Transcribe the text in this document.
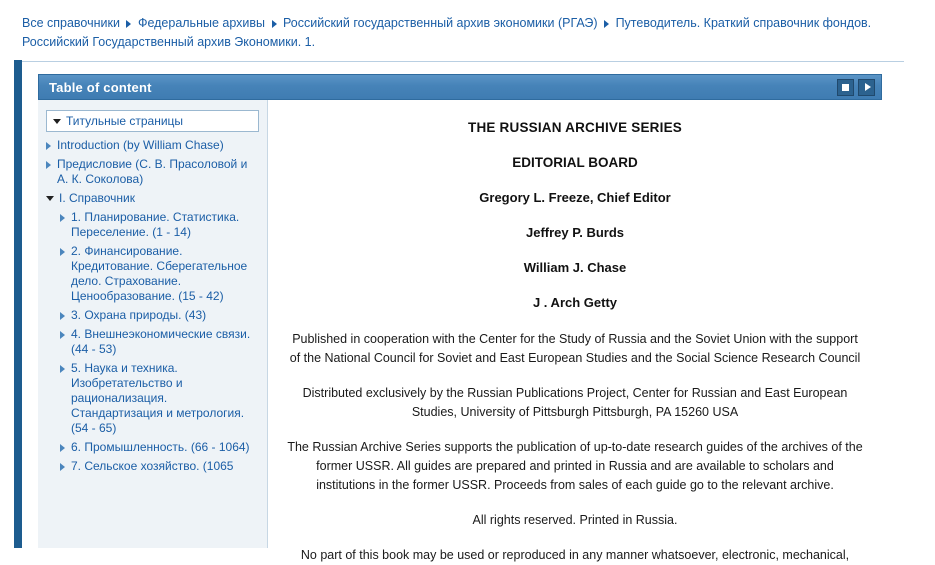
Все справочники Федеральные архивы Российский государственный архив экономики (РГАЭ) Путеводитель. Краткий справочник фондов. Российский Государственный архив Экономики. 1.
Table of content
Титульные страницы
Introduction (by William Chase)
Предисловие (С. В. Прасоловой и А. К. Соколова)
I. Справочник
1. Планирование. Статистика. Переселение. (1 - 14)
2. Финансирование. Кредитование. Сберегательное дело. Страхование. Ценообразование. (15 - 42)
3. Охрана природы. (43)
4. Внешнеэкономические связи. (44 - 53)
5. Наука и техника. Изобретательство и рационализация. Стандартизация и метрология. (54 - 65)
6. Промышленность. (66 - 1064)
7. Сельское хозяйство. (1065
THE RUSSIAN ARCHIVE SERIES
EDITORIAL BOARD
Gregory L. Freeze, Chief Editor
Jeffrey P. Burds
William J. Chase
J . Arch Getty

Published in cooperation with the Center for the Study of Russia and the Soviet Union with the support of the National Council for Soviet and East European Studies and the Social Science Research Council

Distributed exclusively by the Russian Publications Project, Center for Russian and East European Studies, University of Pittsburgh Pittsburgh, PA 15260 USA

The Russian Archive Series supports the publication of up-to-date research guides of the archives of the former USSR. All guides are prepared and printed in Russia and are available to scholars and institutions in the former USSR. Proceeds from sales of each guide go to the relevant archive.

All rights reserved. Printed in Russia.

No part of this book may be used or reproduced in any manner whatsoever, electronic, mechanical,
